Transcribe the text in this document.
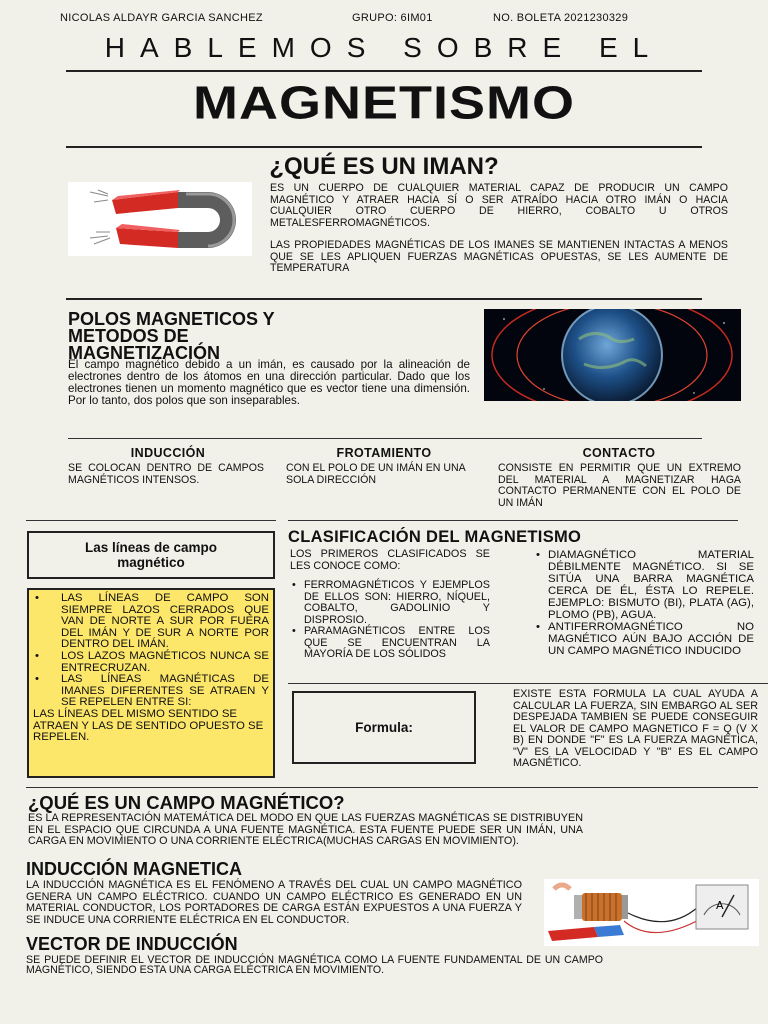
NICOLAS ALDAYR GARCIA SANCHEZ	GRUPO: 6IM01	NO. BOLETA 2021230329
HABLEMOS SOBRE EL
MAGNETISMO
¿QUÉ ES UN IMAN?
ES UN CUERPO DE CUALQUIER MATERIAL CAPAZ DE PRODUCIR UN CAMPO MAGNÉTICO Y ATRAER HACIA SÍ O SER ATRAÍDO HACIA OTRO IMÁN O HACIA CUALQUIER OTRO CUERPO DE HIERRO, COBALTO U OTROS METALESFERROMAGNÉTICOS.
LAS PROPIEDADES MAGNÉTICAS DE LOS IMANES SE MANTIENEN INTACTAS A MENOS QUE SE LES APLIQUEN FUERZAS MAGNÉTICAS OPUESTAS, SE LES AUMENTE DE TEMPERATURA
POLOS MAGNETICOS Y
METODOS DE
MAGNETIZACIÓN
El campo magnético debido a un imán, es causado por la alineación de electrones dentro de los átomos en una dirección particular. Dado que los electrones tienen un momento magnético que es vector tiene una dimensión. Por lo tanto, dos polos que son inseparables.
INDUCCIÓN	FROTAMIENTO	CONTACTO
SE COLOCAN DENTRO DE CAMPOS MAGNÉTICOS INTENSOS.
CON EL POLO DE UN IMÁN EN UNA SOLA DIRECCIÓN
CONSISTE EN PERMITIR QUE UN EXTREMO DEL MATERIAL A MAGNETIZAR HAGA CONTACTO PERMANENTE CON EL POLO DE UN IMÁN
Las líneas de campo magnético
• LAS LÍNEAS DE CAMPO SON SIEMPRE LAZOS CERRADOS QUE VAN DE NORTE A SUR POR FUERA DEL IMÁN Y DE SUR A NORTE POR DENTRO DEL IMÁN.
• LOS LAZOS MAGNÉTICOS NUNCA SE ENTRECRUZAN.
• LAS LÍNEAS MAGNÉTICAS DE IMANES DIFERENTES SE ATRAEN Y SE REPELEN ENTRE SI:
LAS LÍNEAS DEL MISMO SENTIDO SE ATRAEN Y LAS DE SENTIDO OPUESTO SE REPELEN.
CLASIFICACIÓN DEL MAGNETISMO
LOS PRIMEROS CLASIFICADOS SE LES CONOCE COMO:
• FERROMAGNÉTICOS Y EJEMPLOS DE ELLOS SON: HIERRO, NÍQUEL, COBALTO, GADOLINIO Y DISPROSIO.
• PARAMAGNÉTICOS ENTRE LOS QUE SE ENCUENTRAN LA MAYORÍA DE LOS SÓLIDOS
• DIAMAGNÉTICO MATERIAL DÉBILMENTE MAGNÉTICO. SI SE SITÚA UNA BARRA MAGNÉTICA CERCA DE ÉL, ÉSTA LO REPELE. EJEMPLO: BISMUTO (BI), PLATA (AG), PLOMO (PB), AGUA.
• ANTIFERROMAGNÉTICO NO MAGNÉTICO AÚN BAJO ACCIÓN DE UN CAMPO MAGNÉTICO INDUCIDO
Formula:
EXISTE ESTA FORMULA LA CUAL AYUDA A CALCULAR LA FUERZA, SIN EMBARGO AL SER DESPEJADA TAMBIEN SE PUEDE CONSEGUIR EL VALOR DE CAMPO MAGNETICO F = Q (V X B) EN DONDE "F" ES LA FUERZA MAGNÉTICA, "V" ES LA VELOCIDAD Y "B" ES EL CAMPO MAGNÉTICO.
¿QUÉ ES UN CAMPO MAGNÉTICO?
ES LA REPRESENTACIÓN MATEMÁTICA DEL MODO EN QUE LAS FUERZAS MAGNÉTICAS SE DISTRIBUYEN EN EL ESPACIO QUE CIRCUNDA A UNA FUENTE MAGNÉTICA. ESTA FUENTE PUEDE SER UN IMÁN, UNA CARGA EN MOVIMIENTO O UNA CORRIENTE ELÉCTRICA(MUCHAS CARGAS EN MOVIMIENTO).
INDUCCIÓN MAGNETICA
LA INDUCCIÓN MAGNÉTICA ES EL FENÓMENO A TRAVÉS DEL CUAL UN CAMPO MAGNÉTICO GENERA UN CAMPO ELÉCTRICO. CUANDO UN CAMPO ELÉCTRICO ES GENERADO EN UN MATERIAL CONDUCTOR, LOS PORTADORES DE CARGA ESTÁN EXPUESTOS A UNA FUERZA Y SE INDUCE UNA CORRIENTE ELÉCTRICA EN EL CONDUCTOR.
A
VECTOR DE INDUCCIÓN
SE PUEDE DEFINIR EL VECTOR DE INDUCCIÓN MAGNÉTICA COMO LA FUENTE FUNDAMENTAL DE UN CAMPO MAGNÉTICO, SIENDO ESTA UNA CARGA ELÉCTRICA EN MOVIMIENTO.
